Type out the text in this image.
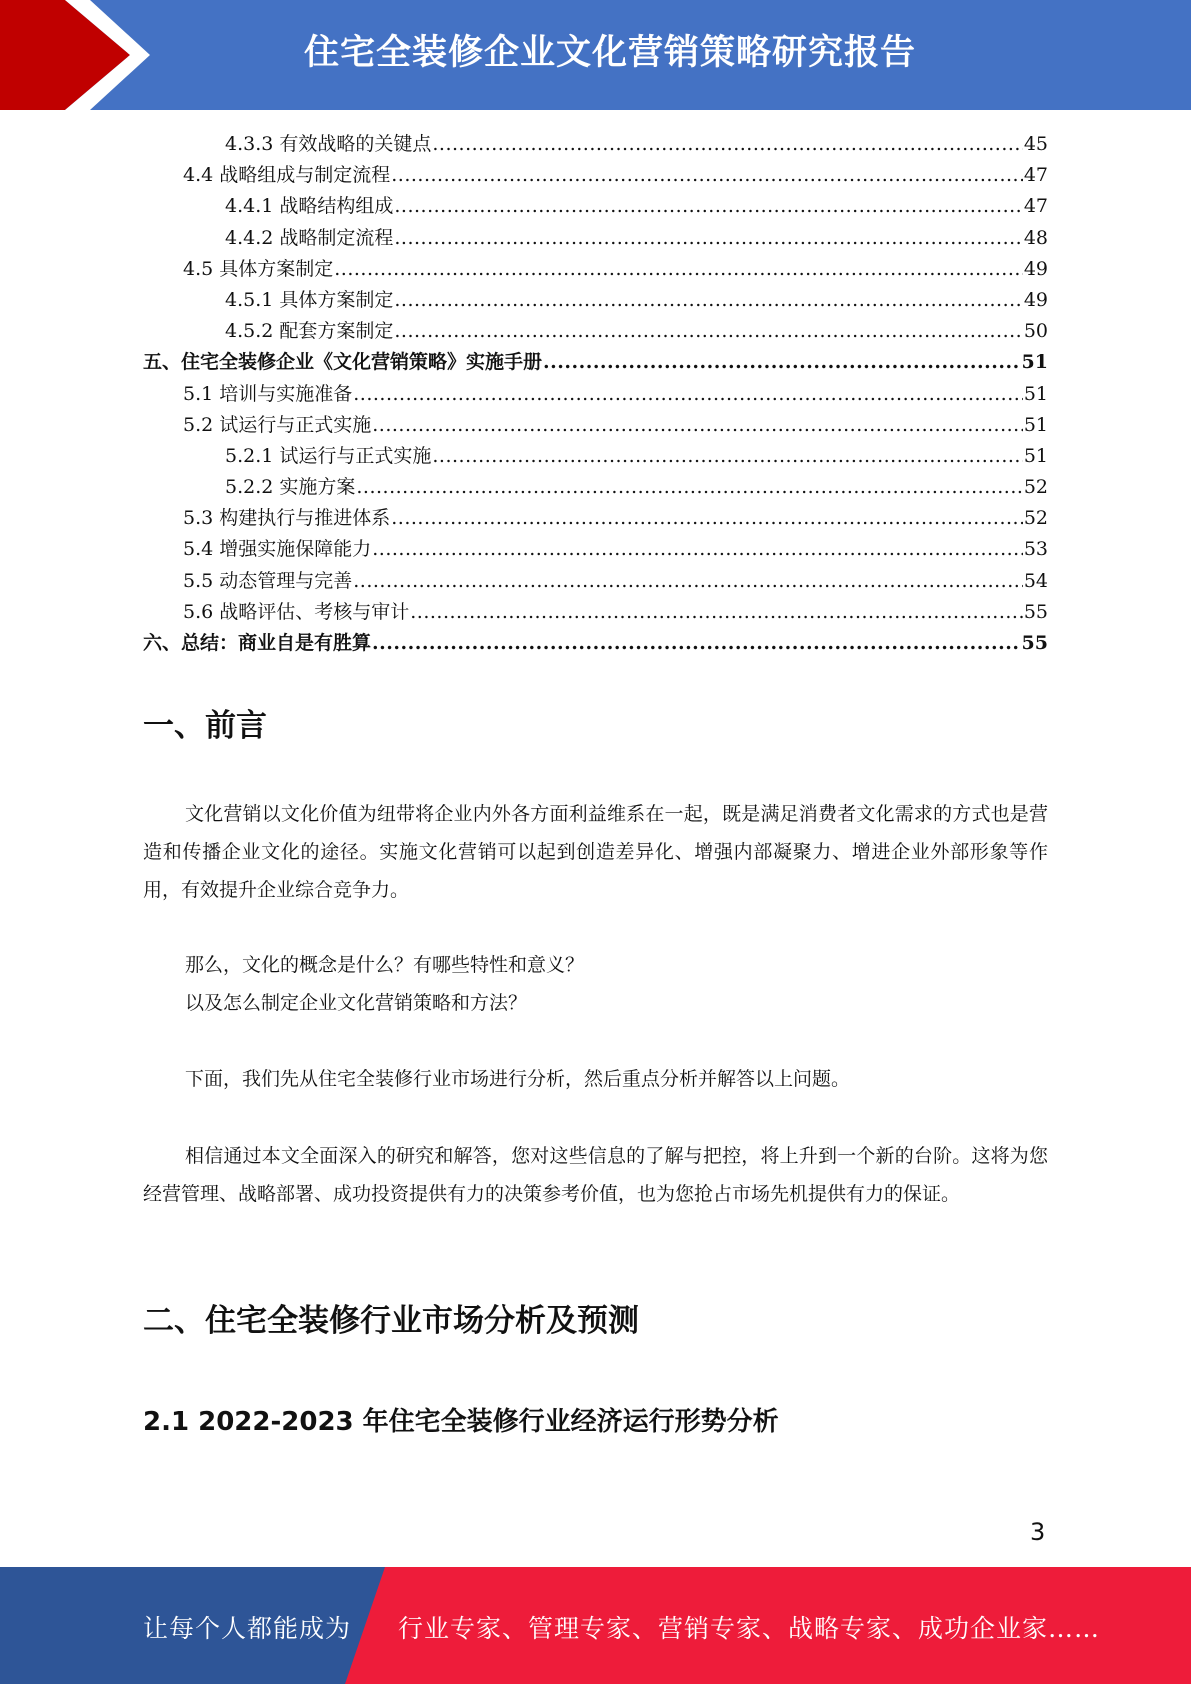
住宅全装修企业文化营销策略研究报告
4.3.3 有效战略的关键点 .....	45
4.4 战略组成与制定流程 .....	47
4.4.1 战略结构组成 .....	47
4.4.2 战略制定流程 .....	48
4.5 具体方案制定 .....	49
4.5.1 具体方案制定 .....	49
4.5.2 配套方案制定 .....	50
五、住宅全装修企业《文化营销策略》实施手册 .....	51
5.1 培训与实施准备 .....	51
5.2 试运行与正式实施 .....	51
5.2.1 试运行与正式实施 .....	51
5.2.2 实施方案 .....	52
5.3 构建执行与推进体系 .....	52
5.4 增强实施保障能力 .....	53
5.5 动态管理与完善 .....	54
5.6 战略评估、考核与审计 .....	55
六、总结：商业自是有胜算 .....	55
一、前言

文化营销以文化价值为纽带将企业内外各方面利益维系在一起，既是满足消费者文化需求的方式也是营造和传播企业文化的途径。实施文化营销可以起到创造差异化、增强内部凝聚力、增进企业外部形象等作用，有效提升企业综合竞争力。

那么，文化的概念是什么？有哪些特性和意义？

以及怎么制定企业文化营销策略和方法？

下面，我们先从住宅全装修行业市场进行分析，然后重点分析并解答以上问题。

相信通过本文全面深入的研究和解答，您对这些信息的了解与把控，将上升到一个新的台阶。这将为您经营管理、战略部署、成功投资提供有力的决策参考价值，也为您抢占市场先机提供有力的保证。

二、住宅全装修行业市场分析及预测
2.1 2022-2023 年住宅全装修行业经济运行形势分析
3
让每个人都能成为 行业专家、管理专家、营销专家、战略专家、成功企业家……
